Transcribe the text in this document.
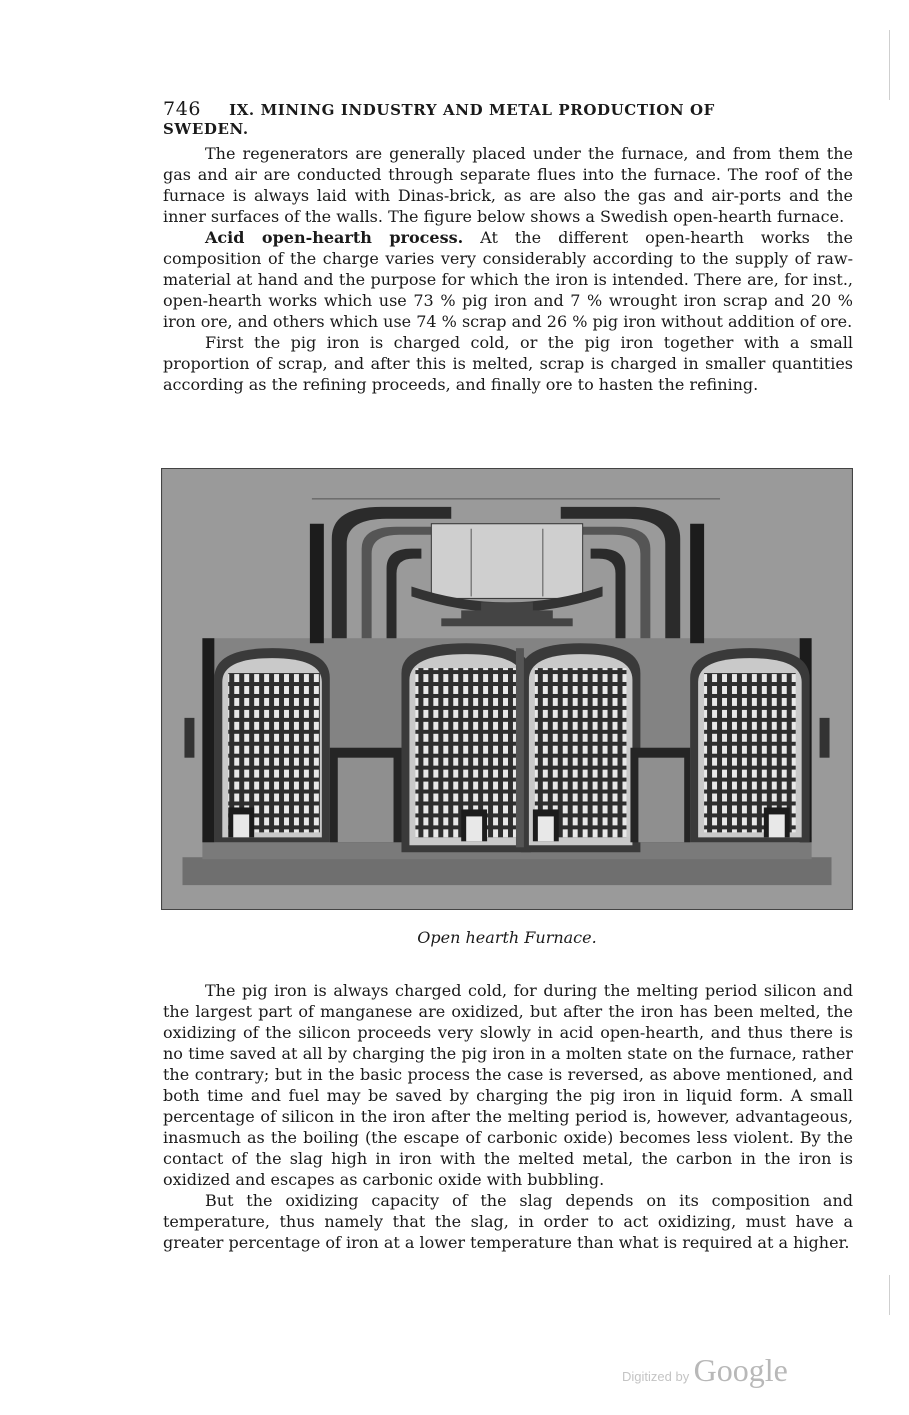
746 IX. MINING INDUSTRY AND METAL PRODUCTION OF SWEDEN.

The regenerators are generally placed under the furnace, and from them the gas and air are conducted through separate flues into the furnace. The roof of the furnace is always laid with Dinas-brick, as are also the gas and air-ports and the inner surfaces of the walls. The figure below shows a Swedish open-hearth furnace.

Acid open-hearth process. At the different open-hearth works the composition of the charge varies very considerably according to the supply of raw-material at hand and the purpose for which the iron is intended. There are, for inst., open-hearth works which use 73 % pig iron and 7 % wrought iron scrap and 20 % iron ore, and others which use 74 % scrap and 26 % pig iron without addition of ore.

First the pig iron is charged cold, or the pig iron together with a small proportion of scrap, and after this is melted, scrap is charged in smaller quantities according as the refining proceeds, and finally ore to hasten the refining.

Open hearth Furnace.

The pig iron is always charged cold, for during the melting period silicon and the largest part of manganese are oxidized, but after the iron has been melted, the oxidizing of the silicon proceeds very slowly in acid open-hearth, and thus there is no time saved at all by charging the pig iron in a molten state on the furnace, rather the contrary; but in the basic process the case is reversed, as above mentioned, and both time and fuel may be saved by charging the pig iron in liquid form. A small percentage of silicon in the iron after the melting period is, however, advantageous, inasmuch as the boiling (the escape of carbonic oxide) becomes less violent. By the contact of the slag high in iron with the melted metal, the carbon in the iron is oxidized and escapes as carbonic oxide with bubbling.

But the oxidizing capacity of the slag depends on its composition and temperature, thus namely that the slag, in order to act oxidizing, must have a greater percentage of iron at a lower temperature than what is required at a higher.

Digitized by Google
